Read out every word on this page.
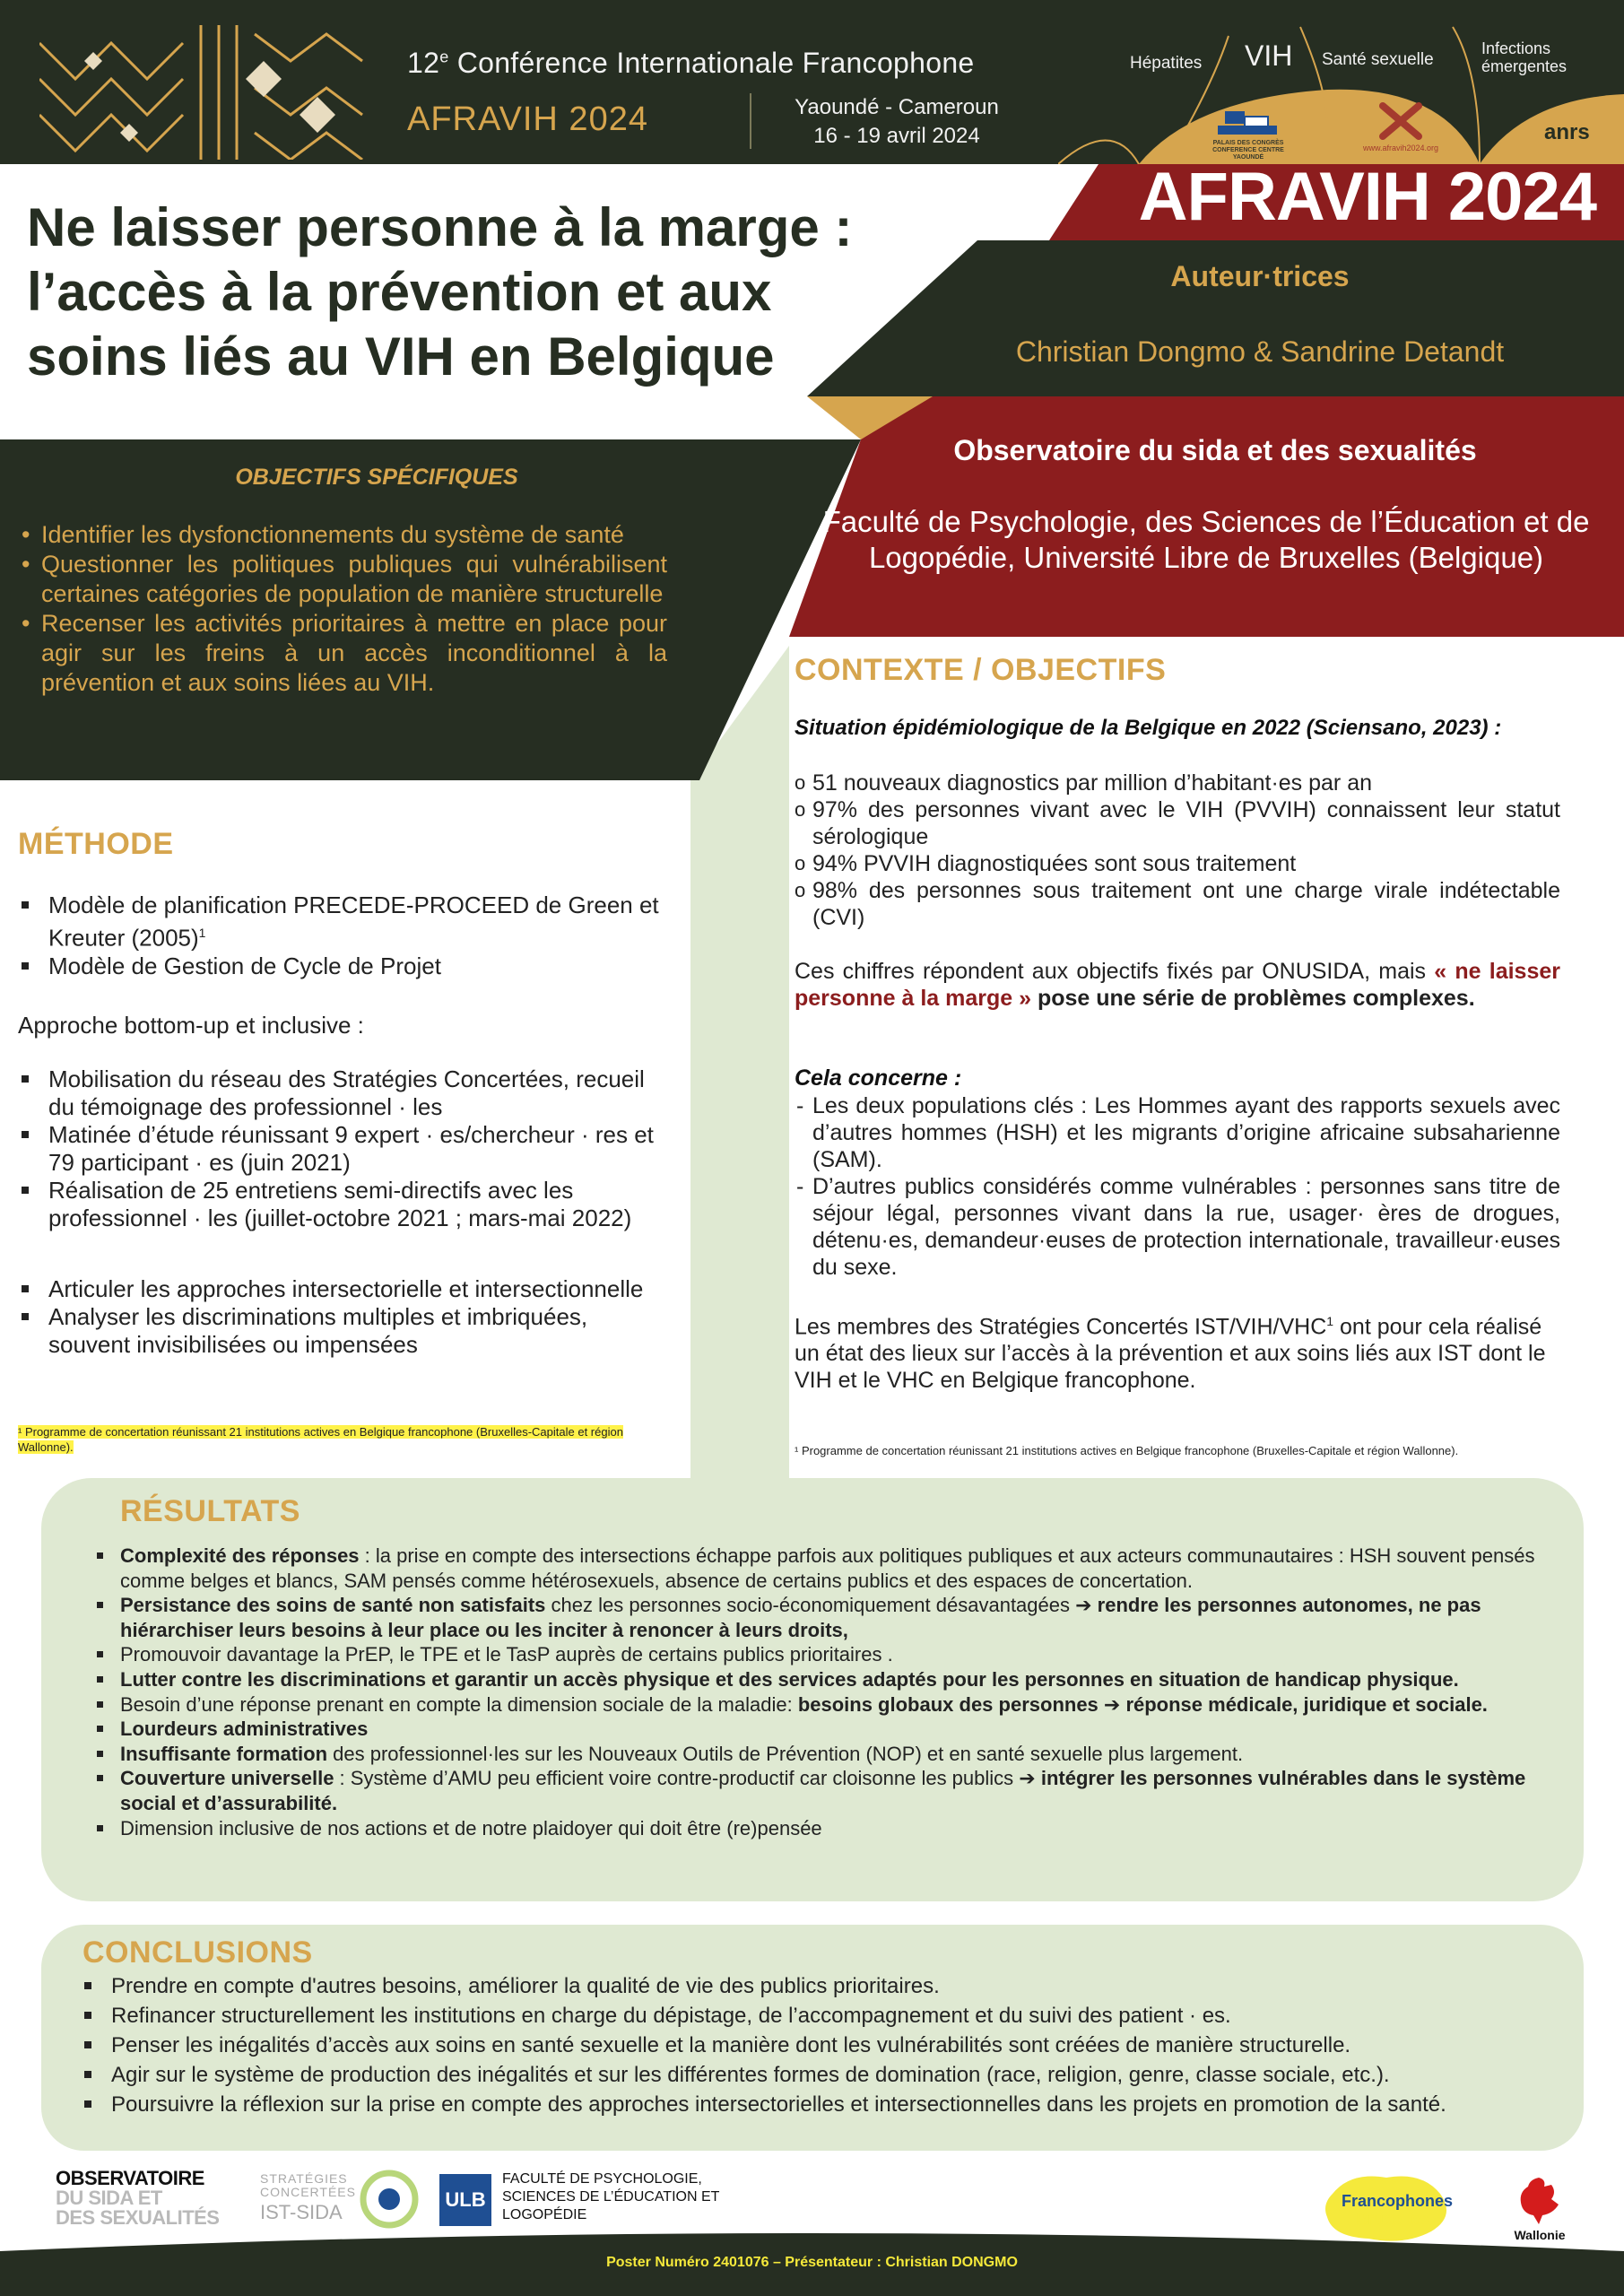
12e Conférence Internationale Francophone
AFRAVIH 2024	Yaoundé - Cameroun
16 - 19 avril 2024
Hépatites VIH Santé sexuelle
Infections émergentes
PALAIS DES CONGRÈS CONFERENCE CENTRE YAOUNDÉ
www.afravih2024.org
anrs
Ne laisser personne à la marge : l’accès à la prévention et aux soins liés au VIH en Belgique
AFRAVIH 2024
Auteur·trices
Christian Dongmo & Sandrine Detandt
Observatoire du sida et des sexualités
Faculté de Psychologie, des Sciences de l’Éducation et de Logopédie, Université Libre de Bruxelles (Belgique)
OBJECTIFS SPÉCIFIQUES
• Identifier les dysfonctionnements du système de santé
• Questionner les politiques publiques qui vulnérabilisent certaines catégories de population de manière structurelle
• Recenser les activités prioritaires à mettre en place pour agir sur les freins à un accès inconditionnel à la prévention et aux soins liées au VIH.
MÉTHODE
Modèle de planification PRECEDE-PROCEED de Green et Kreuter $(2005)^1$
Modèle de Gestion de Cycle de Projet
Approche bottom-up et inclusive :
Mobilisation du réseau des Stratégies Concertées, recueil du témoignage des professionnel · les
Matinée d’étude réunissant 9 expert · es/chercheur · res et 79 participant · es (juin 2021)
Réalisation de 25 entretiens semi-directifs avec les professionnel · les (juillet-octobre 2021 ; mars-mai 2022)
Articuler les approches intersectorielle et intersectionnelle
Analyser les discriminations multiples et imbriquées, souvent invisibilisées ou impensées
¹ Programme de concertation réunissant 21 institutions actives en Belgique francophone (Bruxelles-Capitale et région Wallonne).
CONTEXTE / OBJECTIFS
Situation épidémiologique de la Belgique en 2022 (Sciensano, 2023) :
o 51 nouveaux diagnostics par million d’habitant·es par an
o 97% des personnes vivant avec le VIH (PVVIH) connaissent leur statut sérologique
o 94% PVVIH diagnostiquées sont sous traitement
o 98% des personnes sous traitement ont une charge virale indétectable (CVI)

Ces chiffres répondent aux objectifs fixés par ONUSIDA, mais « ne laisser personne à la marge » pose une série de problèmes complexes.

Cela concerne :
- Les deux populations clés : Les Hommes ayant des rapports sexuels avec d’autres hommes (HSH) et les migrants d’origine africaine subsaharienne (SAM).
- D’autres publics considérés comme vulnérables : personnes sans titre de séjour légal, personnes vivant dans la rue, usager· ères de drogues, détenu·es, demandeur·euses de protection internationale, travailleur·euses du sexe.

Les membres des Stratégies Concertés IST/VIH/VHC$^1$ ont pour cela réalisé un état des lieux sur l’accès à la prévention et aux soins liés aux IST dont le VIH et le VHC en Belgique francophone.

¹ Programme de concertation réunissant 21 institutions actives en Belgique francophone (Bruxelles-Capitale et région Wallonne).
RÉSULTATS
Complexité des réponses : la prise en compte des intersections échappe parfois aux politiques publiques et aux acteurs communautaires : HSH souvent pensés comme belges et blancs, SAM pensés comme hétérosexuels, absence de certains publics et des espaces de concertation.
Persistance des soins de santé non satisfaits chez les personnes socio-économiquement désavantagées ➔ rendre les personnes autonomes, ne pas hiérarchiser leurs besoins à leur place ou les inciter à renoncer à leurs droits,
Promouvoir davantage la PrEP, le TPE et le TasP auprès de certains publics prioritaires .
Lutter contre les discriminations et garantir un accès physique et des services adaptés pour les personnes en situation de handicap physique.
Besoin d’une réponse prenant en compte la dimension sociale de la maladie: besoins globaux des personnes ➔ réponse médicale, juridique et sociale.
Lourdeurs administratives
Insuffisante formation des professionnel·les sur les Nouveaux Outils de Prévention (NOP) et en santé sexuelle plus largement.
Couverture universelle : Système d’AMU peu efficient voire contre-productif car cloisonne les publics ➔ intégrer les personnes vulnérables dans le système social et d’assurabilité.
Dimension inclusive de nos actions et de notre plaidoyer qui doit être (re)pensée
CONCLUSIONS
Prendre en compte d'autres besoins, améliorer la qualité de vie des publics prioritaires.
Refinancer structurellement les institutions en charge du dépistage, de l’accompagnement et du suivi des patient · es.
Penser les inégalités d’accès aux soins en santé sexuelle et la manière dont les vulnérabilités sont créées de manière structurelle.
Agir sur le système de production des inégalités et sur les différentes formes de domination (race, religion, genre, classe sociale, etc.).
Poursuivre la réflexion sur la prise en compte des approches intersectorielles et intersectionnelles dans les projets en promotion de la santé.
OBSERVATOIRE
DU SIDA ET
DES SEXUALITÉS
STRATÉGIES CONCERTÉES
IST-SIDA
ULB
FACULTÉ DE PSYCHOLOGIE, SCIENCES DE L’ÉDUCATION ET LOGOPÉDIE
Francophones
Bruxelles
Wallonie
Poster Numéro 2401076 – Présentateur : Christian DONGMO
